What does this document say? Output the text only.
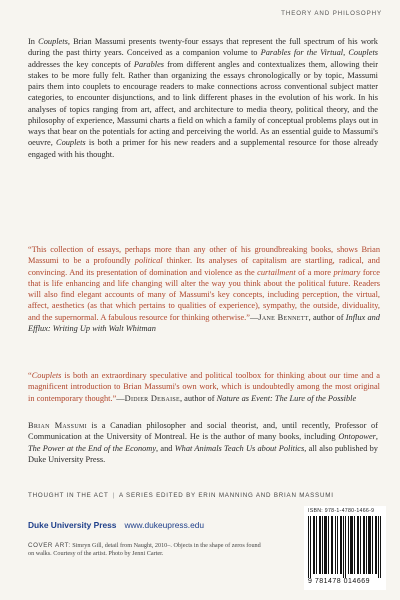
THEORY AND PHILOSOPHY

In Couplets, Brian Massumi presents twenty-four essays that represent the full spectrum of his work during the past thirty years. Conceived as a companion volume to Parables for the Virtual, Couplets addresses the key concepts of Parables from different angles and contextualizes them, allowing their stakes to be more fully felt. Rather than organizing the essays chronologically or by topic, Massumi pairs them into couplets to encourage readers to make connections across conventional subject matter categories, to encounter disjunctions, and to link different phases in the evolution of his work. In his analyses of topics ranging from art, affect, and architecture to media theory, political theory, and the philosophy of experience, Massumi charts a field on which a family of conceptual problems plays out in ways that bear on the potentials for acting and perceiving the world. As an essential guide to Massumi's oeuvre, Couplets is both a primer for his new readers and a supplemental resource for those already engaged with his thought.

“This collection of essays, perhaps more than any other of his groundbreaking books, shows Brian Massumi to be a profoundly political thinker. Its analyses of capitalism are startling, radical, and convincing. And its presentation of domination and violence as the curtailment of a more primary force that is life enhancing and life changing will alter the way you think about the political future. Readers will also find elegant accounts of many of Massumi's key concepts, including perception, the virtual, affect, aesthetics (as that which pertains to qualities of experience), sympathy, the outside, dividuality, and the supernormal. A fabulous resource for thinking otherwise.”—Jane Bennett, author of Influx and Efflux: Writing Up with Walt Whitman

“Couplets is both an extraordinary speculative and political toolbox for thinking about our time and a magnificent introduction to Brian Massumi's own work, which is undoubtedly among the most original in contemporary thought.”—Didier Debaise, author of Nature as Event: The Lure of the Possible

Brian Massumi is a Canadian philosopher and social theorist, and, until recently, Professor of Communication at the University of Montreal. He is the author of many books, including Ontopower, The Power at the End of the Economy, and What Animals Teach Us about Politics, all also published by Duke University Press.

THOUGHT IN THE ACT | A SERIES EDITED BY ERIN MANNING AND BRIAN MASSUMI
Duke University Press www.dukeupress.edu

COVER ART: Simryn Gill, detail from Naught, 2010–. Objects in the shape of zeros found on walks. Courtesy of the artist. Photo by Jenni Carter.

ISBN: 978-1-4780-1466-9
9 781478 014669
